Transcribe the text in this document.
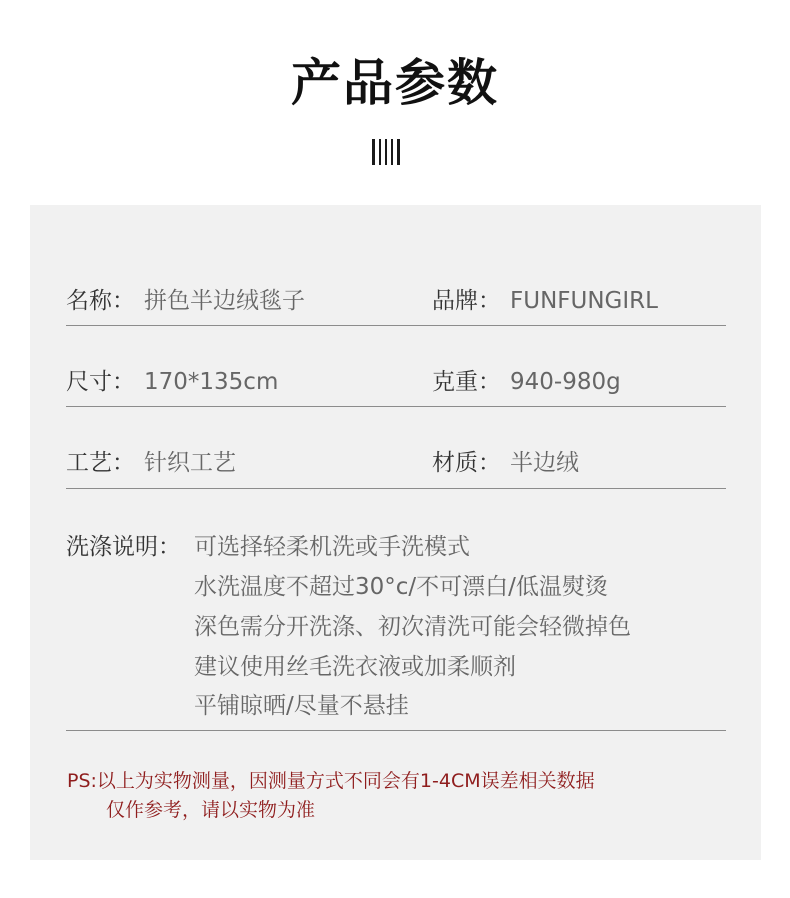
产品参数
名称： 拼色半边绒毯子	品牌： FUNFUNGIRL
尺寸： 170*135cm	克重： 940-980g
工艺： 针织工艺	材质： 半边绒
洗涤说明： 可选择轻柔机洗或手洗模式
水洗温度不超过30°c/不可漂白/低温熨烫
深色需分开洗涤、初次清洗可能会轻微掉色
建议使用丝毛洗衣液或加柔顺剂
平铺晾晒/尽量不悬挂
PS:以上为实物测量，因测量方式不同会有1-4CM误差相关数据
仅作参考，请以实物为准
